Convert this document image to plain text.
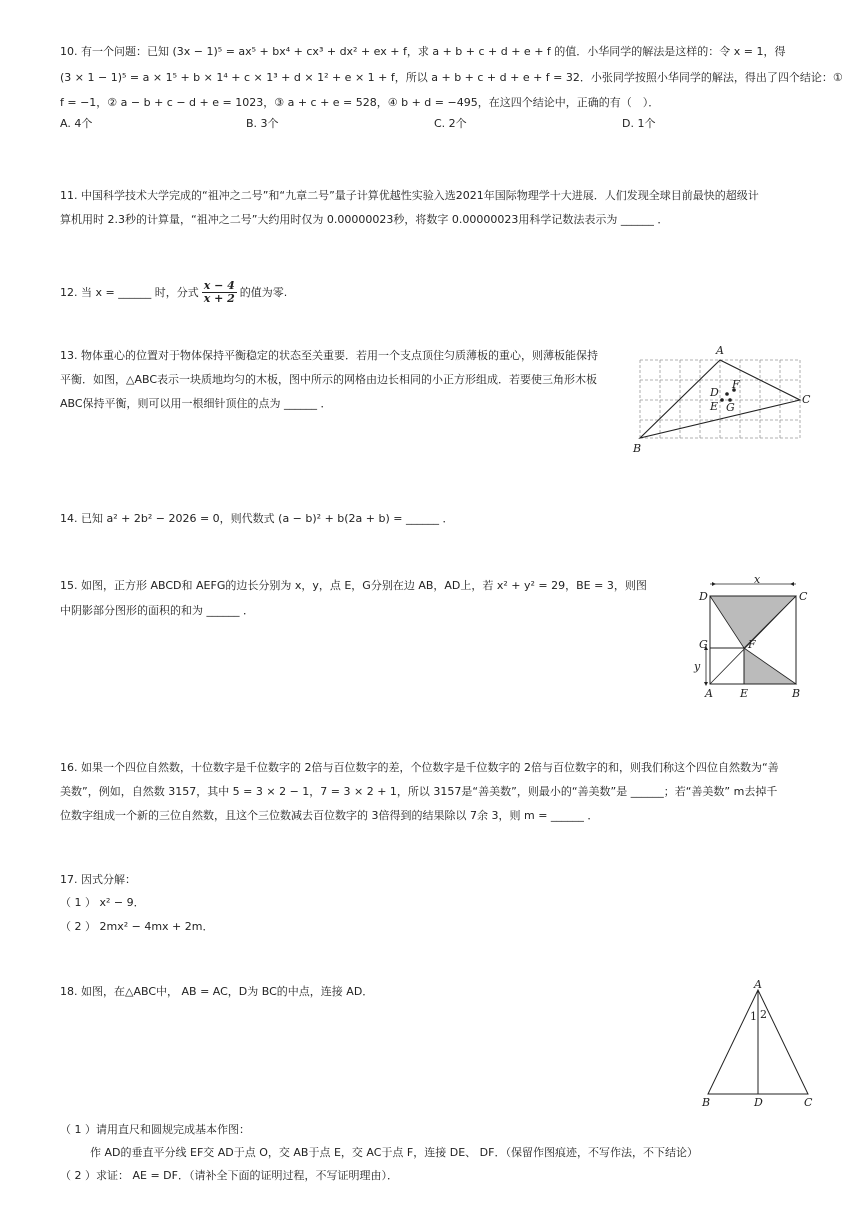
10. 有一个问题：已知 (3x − 1)⁵ = ax⁵ + bx⁴ + cx³ + dx² + ex + f，求 a + b + c + d + e + f 的值．小华同学的解法是这样的：令 x = 1，得
(3 × 1 − 1)⁵ = a × 1⁵ + b × 1⁴ + c × 1³ + d × 1² + e × 1 + f，所以 a + b + c + d + e + f = 32．小张同学按照小华同学的解法，得出了四个结论：①
f = −1，② a − b + c − d + e = 1023，③ a + c + e = 528，④ b + d = −495，在这四个结论中，正确的有（　）．
A. 4个	B. 3个	C. 2个	D. 1个
11. 中国科学技术大学完成的“祖冲之二号”和“九章二号”量子计算优越性实验入选2021年国际物理学十大进展．人们发现全球目前最快的超级计
算机用时 2.3秒的计算量，“祖冲之二号”大约用时仅为 0.00000023秒，将数字 0.00000023用科学记数法表示为 ______ ．
12. 当 x = ______ 时，分式 $\frac{x - 4}{x + 2}$ 的值为零.
13. 物体重心的位置对于物体保持平衡稳定的状态至关重要．若用一个支点顶住匀质薄板的重心，则薄板能保持
平衡．如图，△ABC表示一块质地均匀的木板，图中所示的网格由边长相同的小正方形组成．若要使三角形木板
ABC保持平衡，则可以用一根细针顶住的点为 ______ ．
A
C
B
D
F
E G
14. 已知 a² + 2b² − 2026 = 0，则代数式 (a − b)² + b(2a + b) = ______ ．
15. 如图，正方形 ABCD和 AEFG的边长分别为 x，y，点 E，G分别在边 AB，AD上，若 x² + y² = 29，BE = 3，则图
中阴影部分图形的面积的和为 ______ ．
x
y
D	C
G	F
A E	B
16. 如果一个四位自然数，十位数字是千位数字的 2倍与百位数字的差，个位数字是千位数字的 2倍与百位数字的和，则我们称这个四位自然数为“善
美数”，例如，自然数 3157，其中 5 = 3 × 2 − 1，7 = 3 × 2 + 1，所以 3157是“善美数”，则最小的“善美数”是 ______；若“善美数” m去掉千
位数字组成一个新的三位自然数，且这个三位数减去百位数字的 3倍得到的结果除以 7余 3，则 m = ______ ．
17. 因式分解：
（ 1 ） x² − 9．
（ 2 ） 2mx² − 4mx + 2m．
18. 如图，在△ABC中， AB = AC，D为 BC的中点，连接 AD．
A
1 2
B	D	C
（ 1 ）请用直尺和圆规完成基本作图：
作 AD的垂直平分线 EF交 AD于点 O，交 AB于点 E，交 AC于点 F，连接 DE、 DF．（保留作图痕迹，不写作法，不下结论）
（ 2 ）求证： AE = DF．（请补全下面的证明过程，不写证明理由）．
